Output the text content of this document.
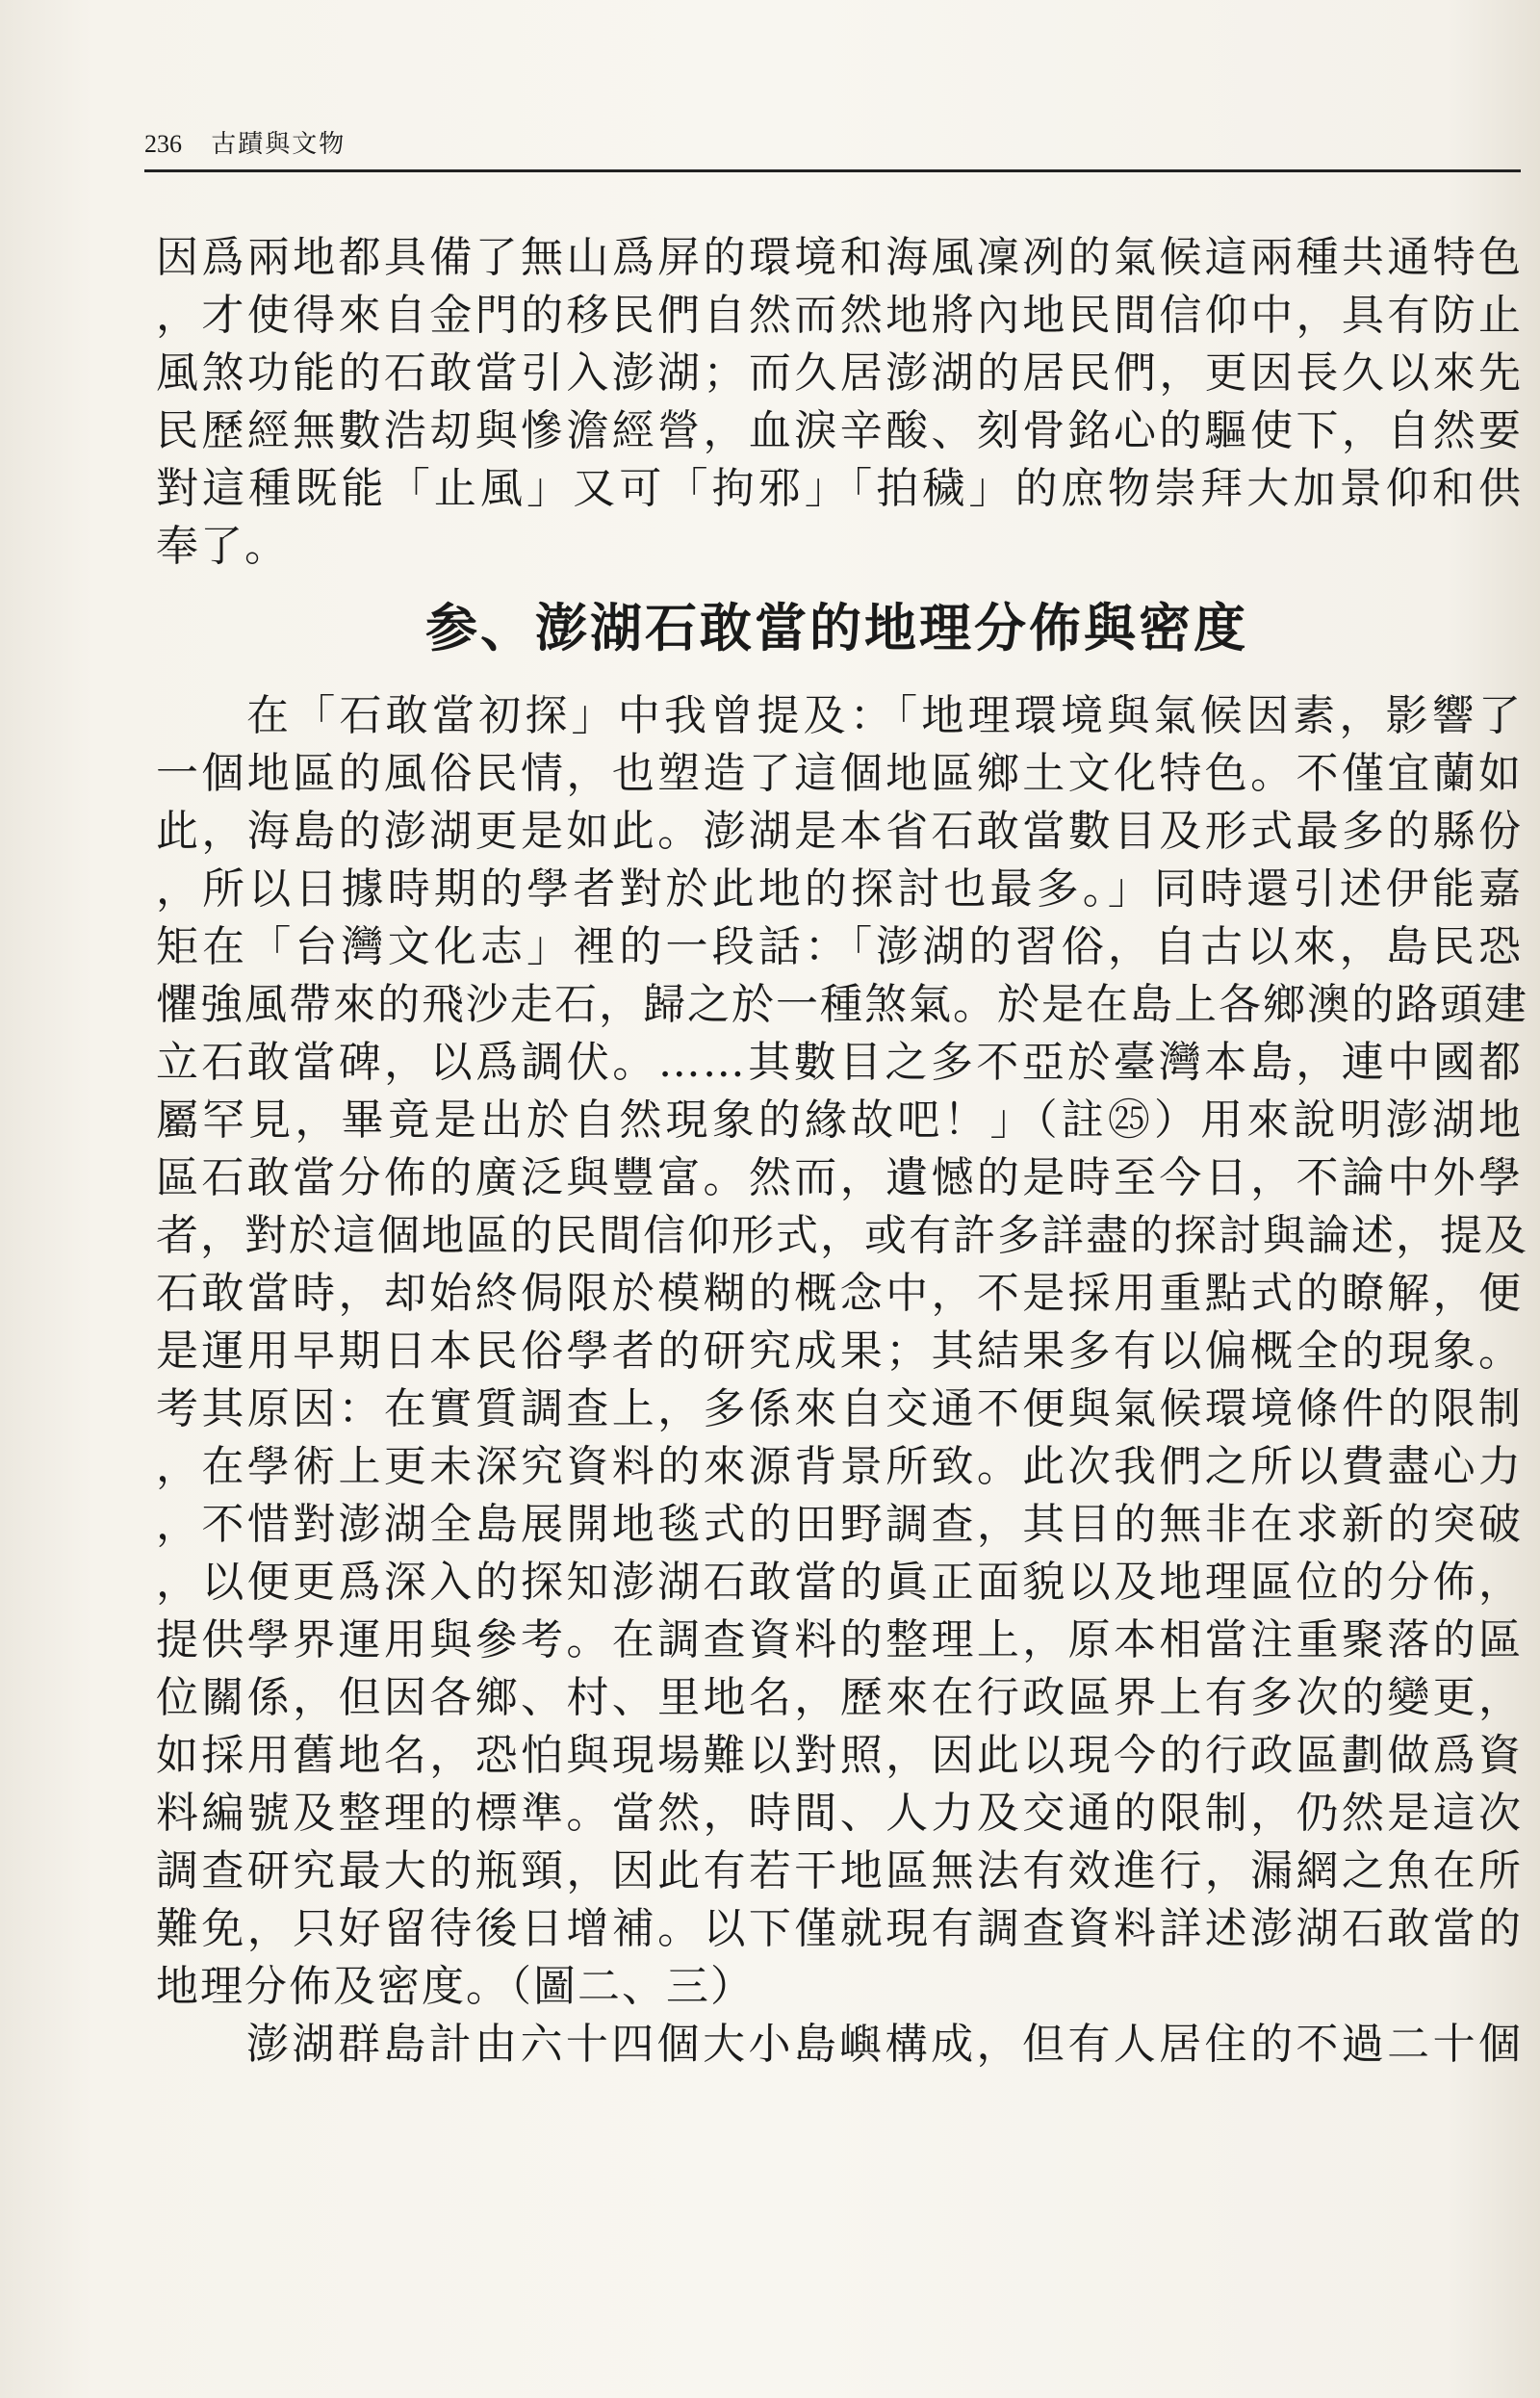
236 古蹟與文物
因爲兩地都具備了無山爲屏的環境和海風凜冽的氣候這兩種共通特色
，才使得來自金門的移民們自然而然地將內地民間信仰中，具有防止
風煞功能的石敢當引入澎湖；而久居澎湖的居民們，更因長久以來先
民歷經無數浩刧與慘澹經營，血淚辛酸、刻骨銘心的驅使下，自然要
對這種既能「止風」又可「拘邪」「拍穢」的庶物崇拜大加景仰和供
奉了。
参、澎湖石敢當的地理分佈與密度
在「石敢當初探」中我曾提及：「地理環境與氣候因素，影響了
一個地區的風俗民情，也塑造了這個地區鄉土文化特色。不僅宜蘭如
此，海島的澎湖更是如此。澎湖是本省石敢當數目及形式最多的縣份
，所以日據時期的學者對於此地的探討也最多。」同時還引述伊能嘉
矩在「台灣文化志」裡的一段話：「澎湖的習俗，自古以來，島民恐
懼強風帶來的飛沙走石，歸之於一種煞氣。於是在島上各鄉澳的路頭建
立石敢當碑，以爲調伏。……其數目之多不亞於臺灣本島，連中國都
屬罕見，畢竟是出於自然現象的緣故吧！」（註㉕）用來說明澎湖地
區石敢當分佈的廣泛與豐富。然而，遺憾的是時至今日，不論中外學
者，對於這個地區的民間信仰形式，或有許多詳盡的探討與論述，提及
石敢當時，却始終侷限於模糊的概念中，不是採用重點式的瞭解，便
是運用早期日本民俗學者的研究成果；其結果多有以偏概全的現象。
考其原因：在實質調查上，多係來自交通不便與氣候環境條件的限制
，在學術上更未深究資料的來源背景所致。此次我們之所以費盡心力
，不惜對澎湖全島展開地毯式的田野調查，其目的無非在求新的突破
，以便更爲深入的探知澎湖石敢當的眞正面貌以及地理區位的分佈，
提供學界運用與參考。在調查資料的整理上，原本相當注重聚落的區
位關係，但因各鄉、村、里地名，歷來在行政區界上有多次的變更，
如採用舊地名，恐怕與現場難以對照，因此以現今的行政區劃做爲資
料編號及整理的標準。當然，時間、人力及交通的限制，仍然是這次
調查研究最大的瓶頸，因此有若干地區無法有效進行，漏網之魚在所
難免，只好留待後日增補。以下僅就現有調查資料詳述澎湖石敢當的
地理分佈及密度。（圖二、三）
澎湖群島計由六十四個大小島嶼構成，但有人居住的不過二十個
